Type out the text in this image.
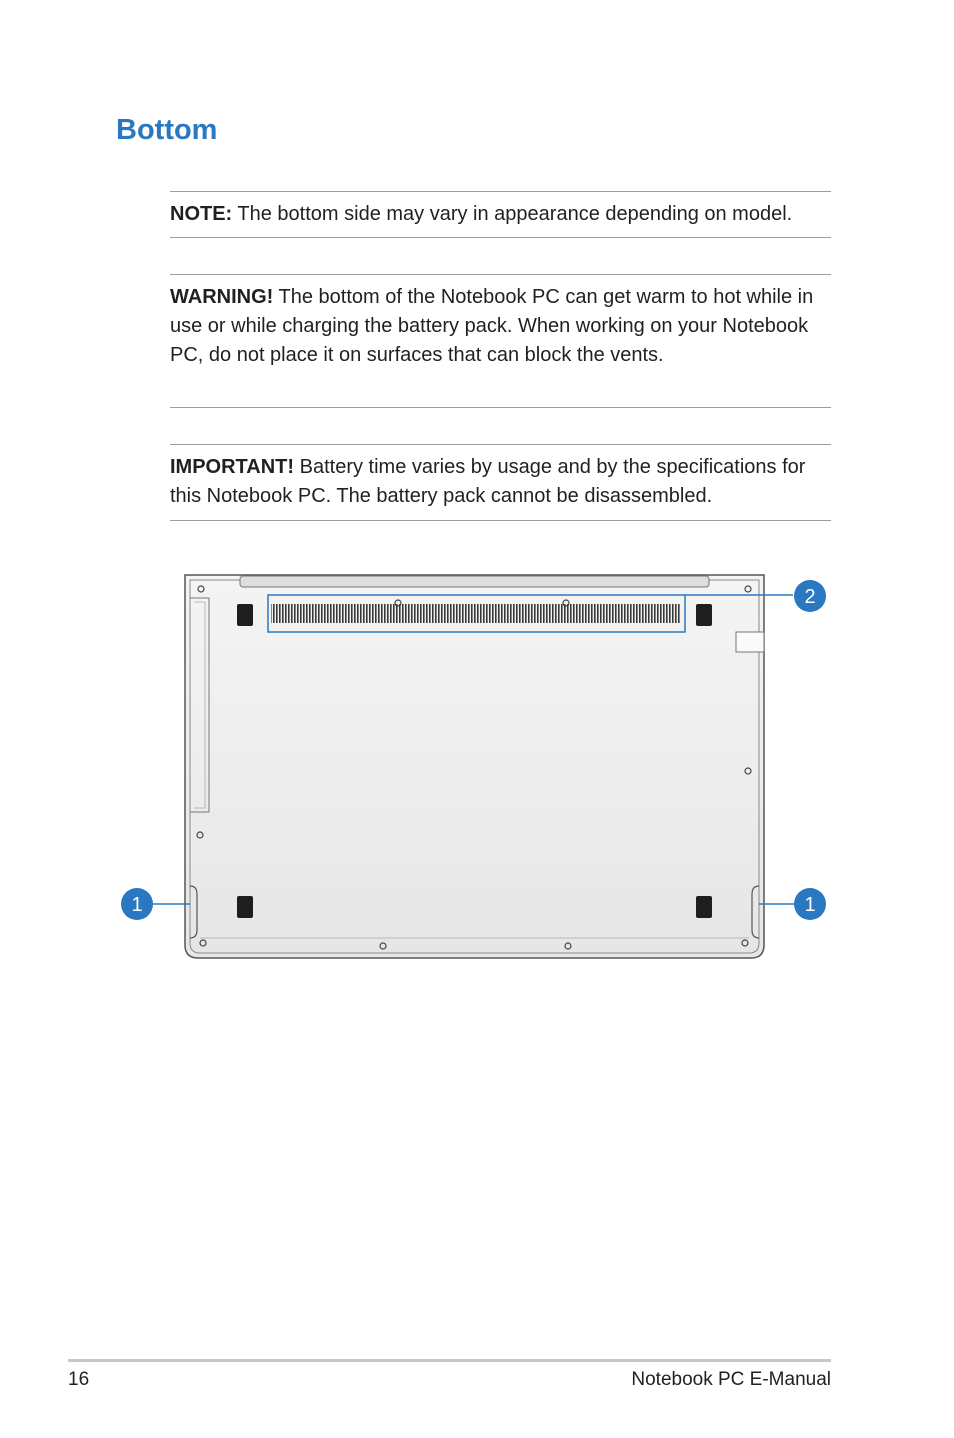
Bottom
NOTE: The bottom side may vary in appearance depending on model.
WARNING! The bottom of the Notebook PC can get warm to hot while in use or while charging the battery pack. When working on your Notebook PC, do not place it on surfaces that can block the vents.
IMPORTANT! Battery time varies by usage and by the specifications for this Notebook PC. The battery pack cannot be disassembled.
2
1	1
16	Notebook PC E-Manual
